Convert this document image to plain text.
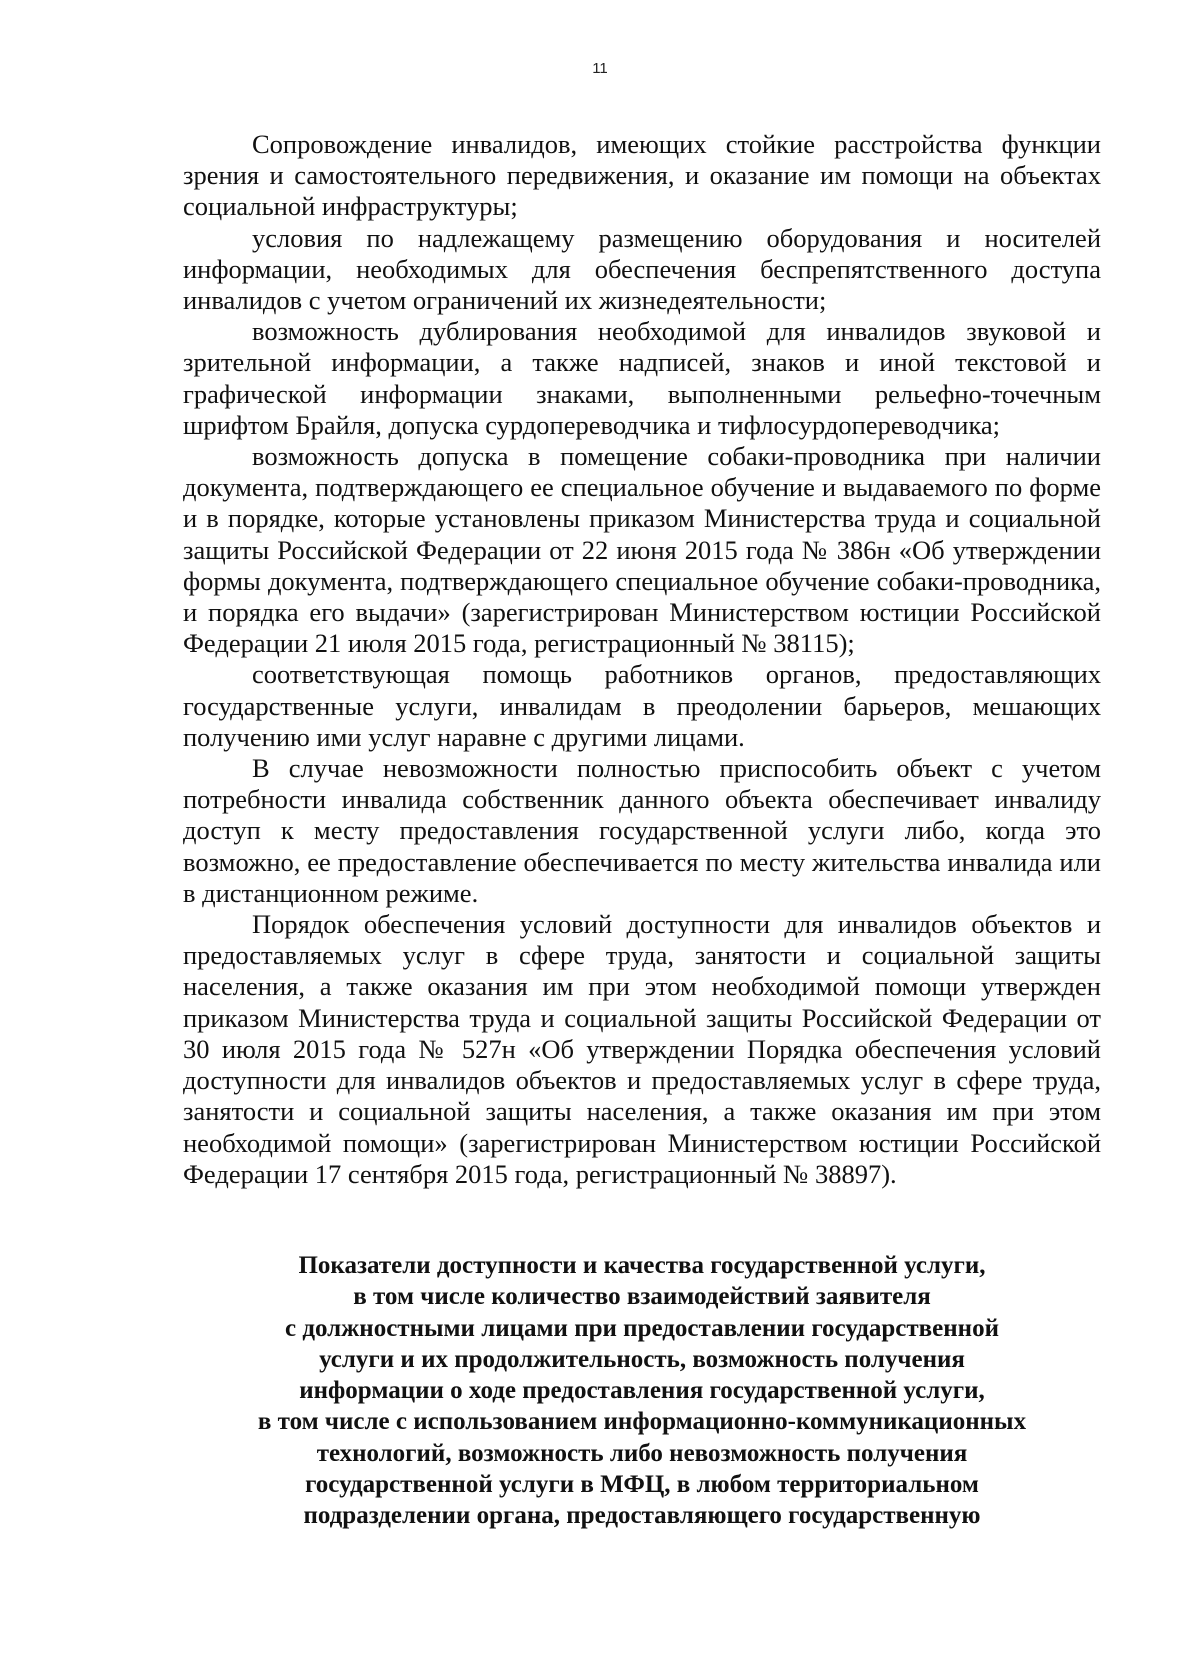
11

Сопровождение инвалидов, имеющих стойкие расстройства функции зрения и самостоятельного передвижения, и оказание им помощи на объектах социальной инфраструктуры;

условия по надлежащему размещению оборудования и носителей информации, необходимых для обеспечения беспрепятственного доступа инвалидов с учетом ограничений их жизнедеятельности;

возможность дублирования необходимой для инвалидов звуковой и зрительной информации, а также надписей, знаков и иной текстовой и графической информации знаками, выполненными рельефно-точечным шрифтом Брайля, допуска сурдопереводчика и тифлосурдопереводчика;

возможность допуска в помещение собаки-проводника при наличии документа, подтверждающего ее специальное обучение и выдаваемого по форме и в порядке, которые установлены приказом Министерства труда и социальной защиты Российской Федерации от 22 июня 2015 года № 386н «Об утверждении формы документа, подтверждающего специальное обучение собаки-проводника, и порядка его выдачи» (зарегистрирован Министерством юстиции Российской Федерации 21 июля 2015 года, регистрационный № 38115);

соответствующая помощь работников органов, предоставляющих государственные услуги, инвалидам в преодолении барьеров, мешающих получению ими услуг наравне с другими лицами.

В случае невозможности полностью приспособить объект с учетом потребности инвалида собственник данного объекта обеспечивает инвалиду доступ к месту предоставления государственной услуги либо, когда это возможно, ее предоставление обеспечивается по месту жительства инвалида или в дистанционном режиме.

Порядок обеспечения условий доступности для инвалидов объектов и предоставляемых услуг в сфере труда, занятости и социальной защиты населения, а также оказания им при этом необходимой помощи утвержден приказом Министерства труда и социальной защиты Российской Федерации от 30 июля 2015 года № 527н «Об утверждении Порядка обеспечения условий доступности для инвалидов объектов и предоставляемых услуг в сфере труда, занятости и социальной защиты населения, а также оказания им при этом необходимой помощи» (зарегистрирован Министерством юстиции Российской Федерации 17 сентября 2015 года, регистрационный № 38897).

Показатели доступности и качества государственной услуги,
в том числе количество взаимодействий заявителя
с должностными лицами при предоставлении государственной
услуги и их продолжительность, возможность получения
информации о ходе предоставления государственной услуги,
в том числе с использованием информационно-коммуникационных
технологий, возможность либо невозможность получения
государственной услуги в МФЦ, в любом территориальном
подразделении органа, предоставляющего государственную
